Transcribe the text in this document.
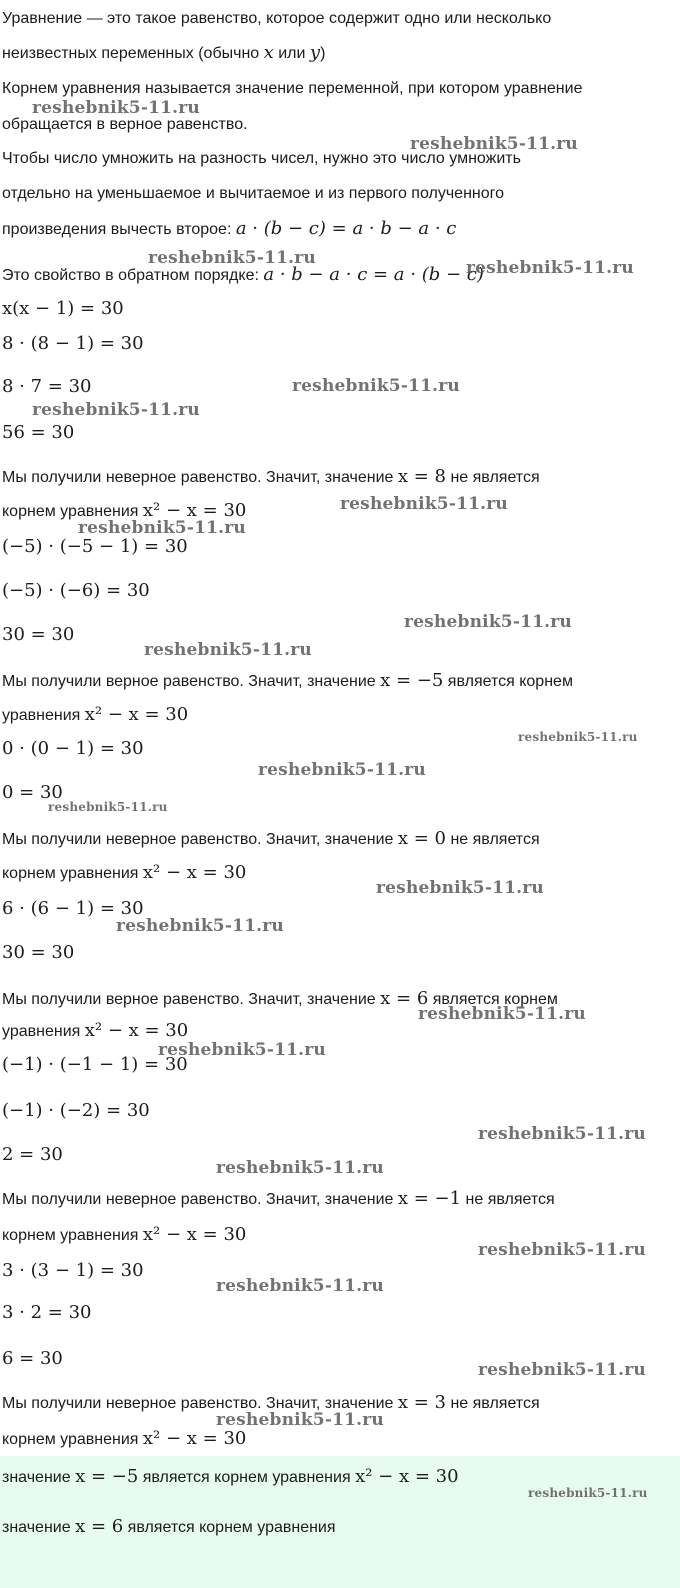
Уравнение — это такое равенство, которое содержит одно или несколько
неизвестных переменных (обычно x или y)
Корнем уравнения называется значение переменной, при котором уравнение
обращается в верное равенство.
Чтобы число умножить на разность чисел, нужно это число умножить
отдельно на уменьшаемое и вычитаемое и из первого полученного
произведения вычесть второе: a · (b − c) = a · b − a · c
Это свойство в обратном порядке: a · b − a · c = a · (b − c)
x(x − 1) = 30
8 · (8 − 1) = 30
8 · 7 = 30
56 = 30
Мы получили неверное равенство. Значит, значение x = 8 не является
корнем уравнения x² − x = 30
(−5) · (−5 − 1) = 30
(−5) · (−6) = 30
30 = 30
Мы получили верное равенство. Значит, значение x = −5 является корнем
уравнения x² − x = 30
0 · (0 − 1) = 30
0 = 30
Мы получили неверное равенство. Значит, значение x = 0 не является
корнем уравнения x² − x = 30
6 · (6 − 1) = 30
30 = 30
Мы получили верное равенство. Значит, значение x = 6 является корнем
уравнения x² − x = 30
(−1) · (−1 − 1) = 30
(−1) · (−2) = 30
2 = 30
Мы получили неверное равенство. Значит, значение x = −1 не является
корнем уравнения x² − x = 30
3 · (3 − 1) = 30
3 · 2 = 30
6 = 30
Мы получили неверное равенство. Значит, значение x = 3 не является
корнем уравнения x² − x = 30
значение x = −5 является корнем уравнения x² − x = 30
значение x = 6 является корнем уравнения
reshebnik5-11.ru
reshebnik5-11.ru
reshebnik5-11.ru	reshebnik5-11.ru
reshebnik5-11.ru
reshebnik5-11.ru
reshebnik5-11.ru
reshebnik5-11.ru
reshebnik5-11.ru
reshebnik5-11.ru
reshebnik5-11.ru
reshebnik5-11.ru
reshebnik5-11.ru
reshebnik5-11.ru
reshebnik5-11.ru
reshebnik5-11.ru
reshebnik5-11.ru
reshebnik5-11.ru
reshebnik5-11.ru
reshebnik5-11.ru
reshebnik5-11.ru
reshebnik5-11.ru
reshebnik5-11.ru
reshebnik5-11.ru
